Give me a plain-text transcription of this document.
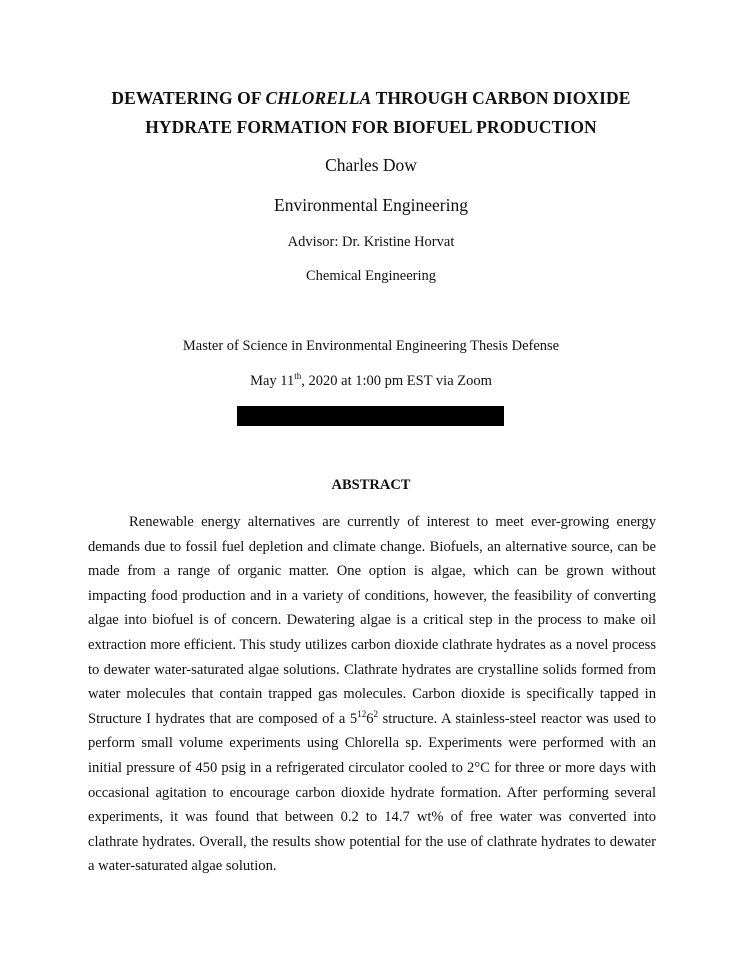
DEWATERING OF CHLORELLA THROUGH CARBON DIOXIDE
HYDRATE FORMATION FOR BIOFUEL PRODUCTION
Charles Dow
Environmental Engineering
Advisor: Dr. Kristine Horvat
Chemical Engineering
Master of Science in Environmental Engineering Thesis Defense
May 11th, 2020 at 1:00 pm EST via Zoom
ABSTRACT

Renewable energy alternatives are currently of interest to meet ever-growing energy demands due to fossil fuel depletion and climate change. Biofuels, an alternative source, can be made from a range of organic matter. One option is algae, which can be grown without impacting food production and in a variety of conditions, however, the feasibility of converting algae into biofuel is of concern. Dewatering algae is a critical step in the process to make oil extraction more efficient. This study utilizes carbon dioxide clathrate hydrates as a novel process to dewater water-saturated algae solutions. Clathrate hydrates are crystalline solids formed from water molecules that contain trapped gas molecules. Carbon dioxide is specifically tapped in Structure I hydrates that are composed of a $5^{12}6^2$ structure. A stainless-steel reactor was used to perform small volume experiments using Chlorella sp. Experiments were performed with an initial pressure of 450 psig in a refrigerated circulator cooled to 2°C for three or more days with occasional agitation to encourage carbon dioxide hydrate formation. After performing several experiments, it was found that between 0.2 to 14.7 wt% of free water was converted into clathrate hydrates. Overall, the results show potential for the use of clathrate hydrates to dewater a water-saturated algae solution.
